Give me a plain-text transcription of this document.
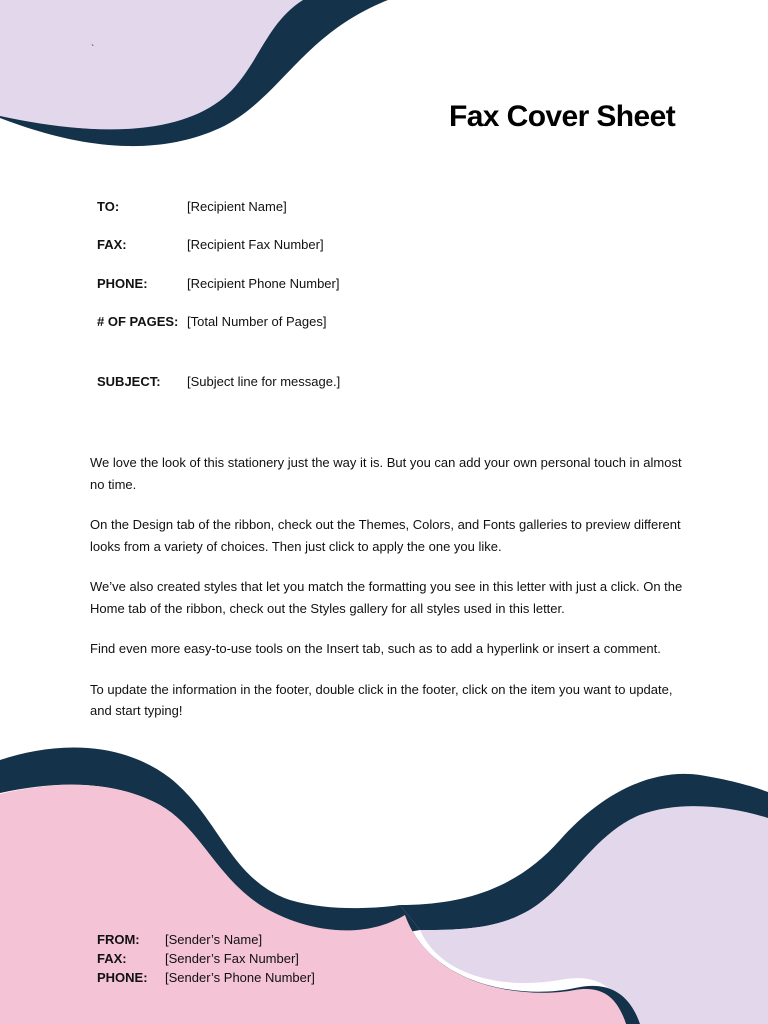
`
Fax Cover Sheet
TO:	[Recipient Name]
FAX:	[Recipient Fax Number]
PHONE:	[Recipient Phone Number]
# OF PAGES: [Total Number of Pages]
SUBJECT: [Subject line for message.]

We love the look of this stationery just the way it is. But you can add your own personal touch in almost no time.

On the Design tab of the ribbon, check out the Themes, Colors, and Fonts galleries to preview different looks from a variety of choices. Then just click to apply the one you like.

We’ve also created styles that let you match the formatting you see in this letter with just a click. On the Home tab of the ribbon, check out the Styles gallery for all styles used in this letter.

Find even more easy-to-use tools on the Insert tab, such as to add a hyperlink or insert a comment.

To update the information in the footer, double click in the footer, click on the item you want to update, and start typing!

FROM: [Sender’s Name]
FAX:	[Sender’s Fax Number]
PHONE: [Sender’s Phone Number]
